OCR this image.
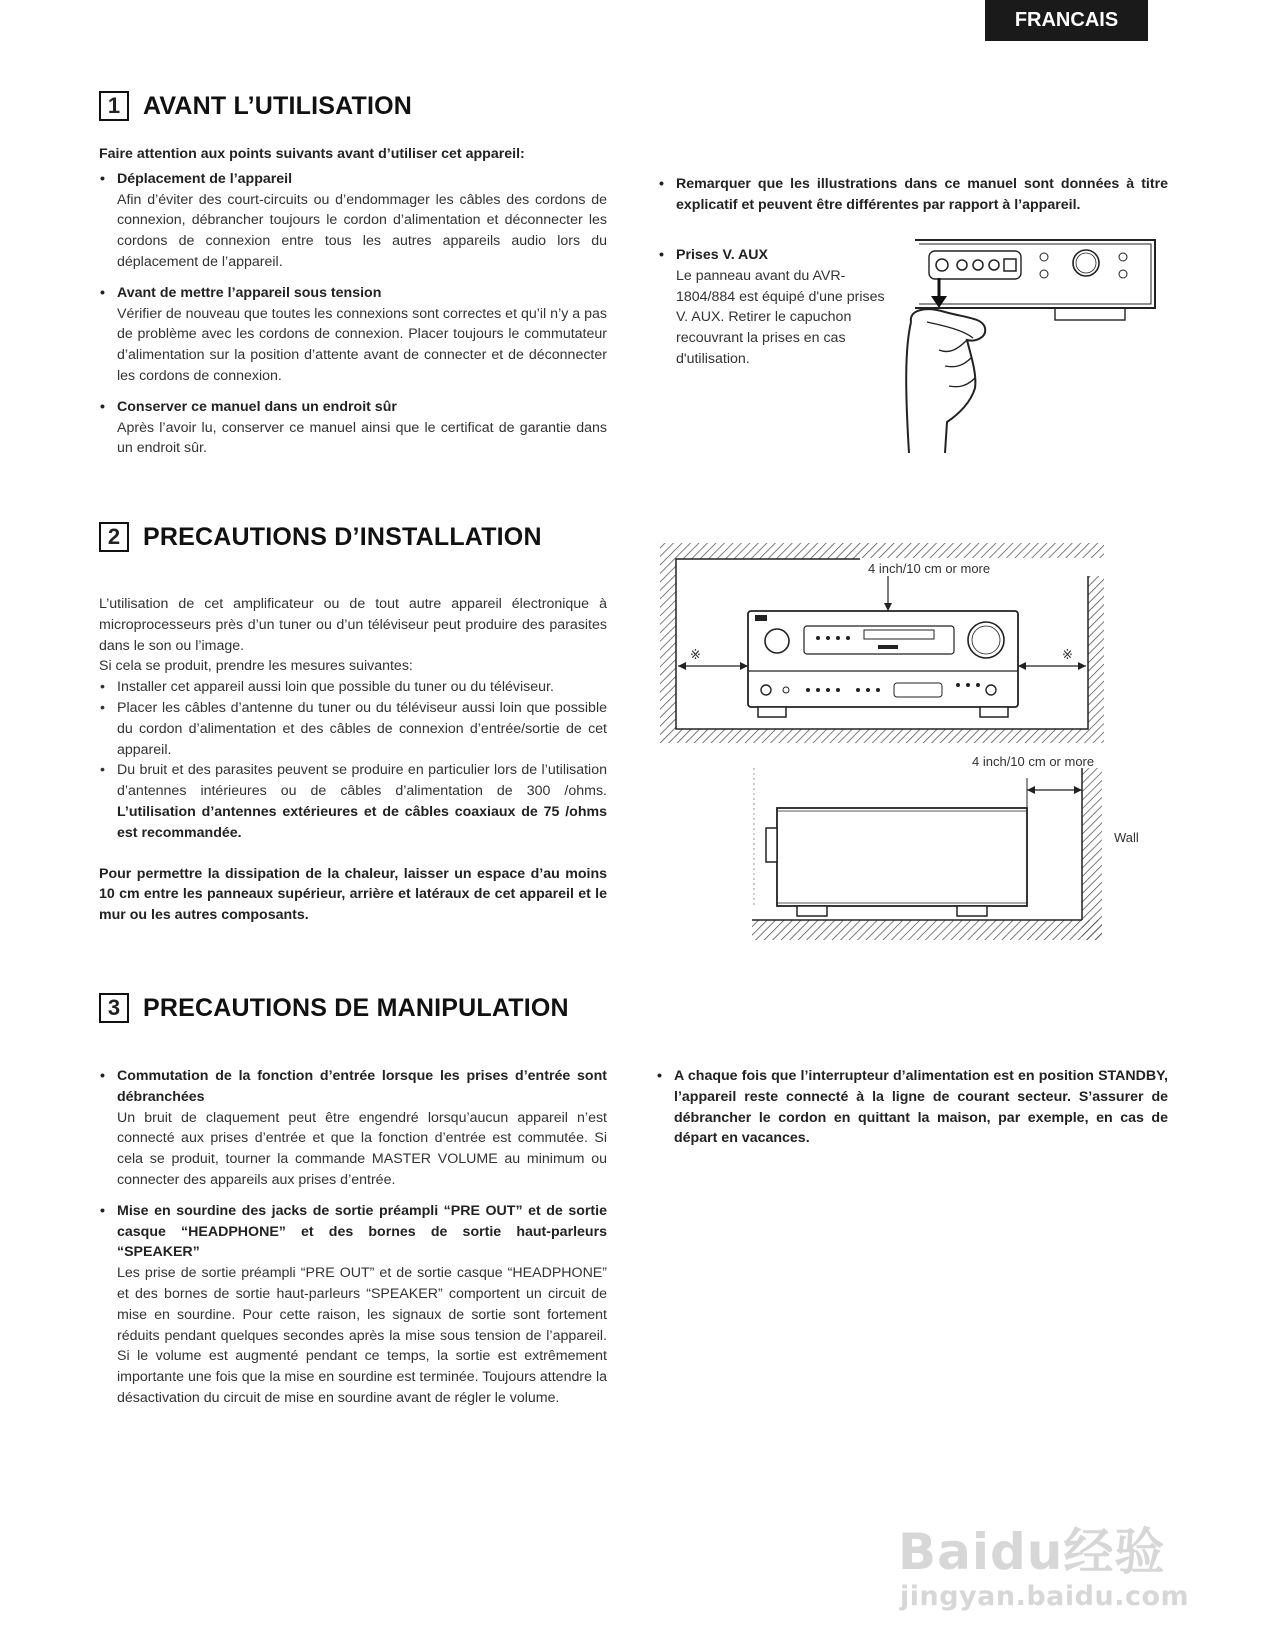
FRANCAIS
1 AVANT L’UTILISATION
Faire attention aux points suivants avant d’utiliser cet appareil:
• Déplacement de l’appareil
Afin d’éviter des court-circuits ou d’endommager les câbles des cordons de connexion, débrancher toujours le cordon d’alimentation et déconnecter les cordons de connexion entre tous les autres appareils audio lors du déplacement de l’appareil.
• Avant de mettre l’appareil sous tension
Vérifier de nouveau que toutes les connexions sont correctes et qu’il n’y a pas de problème avec les cordons de connexion. Placer toujours le commutateur d’alimentation sur la position d’attente avant de connecter et de déconnecter les cordons de connexion.
• Conserver ce manuel dans un endroit sûr
Après l’avoir lu, conserver ce manuel ainsi que le certificat de garantie dans un endroit sûr.
• Remarquer que les illustrations dans ce manuel sont données à titre explicatif et peuvent être différentes par rapport à l’appareil.
• Prises V. AUX
Le panneau avant du AVR-1804/884 est équipé d'une prises V. AUX. Retirer le capuchon recouvrant la prises en cas d'utilisation.
2 PRECAUTIONS D’INSTALLATION
L’utilisation de cet amplificateur ou de tout autre appareil électronique à microprocesseurs près d’un tuner ou d’un téléviseur peut produire des parasites dans le son ou l’image.
Si cela se produit, prendre les mesures suivantes:
• Installer cet appareil aussi loin que possible du tuner ou du téléviseur.
• Placer les câbles d’antenne du tuner ou du téléviseur aussi loin que possible du cordon d’alimentation et des câbles de connexion d’entrée/sortie de cet appareil.
• Du bruit et des parasites peuvent se produire en particulier lors de l’utilisation d’antennes intérieures ou de câbles d’alimentation de 300 /ohms. L’utilisation d’antennes extérieures et de câbles coaxiaux de 75 /ohms est recommandée.
Pour permettre la dissipation de la chaleur, laisser un espace d’au moins 10 cm entre les panneaux supérieur, arrière et latéraux de cet appareil et le mur ou les autres composants.
4 inch/10 cm or more
※	※
4 inch/10 cm or more
Wall
3 PRECAUTIONS DE MANIPULATION
• Commutation de la fonction d’entrée lorsque les prises d’entrée sont débranchées
Un bruit de claquement peut être engendré lorsqu’aucun appareil n’est connecté aux prises d’entrée et que la fonction d’entrée est commutée. Si cela se produit, tourner la commande MASTER VOLUME au minimum ou connecter des appareils aux prises d’entrée.
• Mise en sourdine des jacks de sortie préampli “PRE OUT” et de sortie casque “HEADPHONE” et des bornes de sortie haut-parleurs “SPEAKER”
Les prise de sortie préampli “PRE OUT” et de sortie casque “HEADPHONE” et des bornes de sortie haut-parleurs “SPEAKER” comportent un circuit de mise en sourdine. Pour cette raison, les signaux de sortie sont fortement réduits pendant quelques secondes après la mise sous tension de l’appareil. Si le volume est augmenté pendant ce temps, la sortie est extrêmement importante une fois que la mise en sourdine est terminée. Toujours attendre la désactivation du circuit de mise en sourdine avant de régler le volume.
• A chaque fois que l’interrupteur d’alimentation est en position STANDBY, l’appareil reste connecté à la ligne de courant secteur. S’assurer de débrancher le cordon en quittant la maison, par exemple, en cas de départ en vacances.
Baidu经验
jingyan.baidu.com
